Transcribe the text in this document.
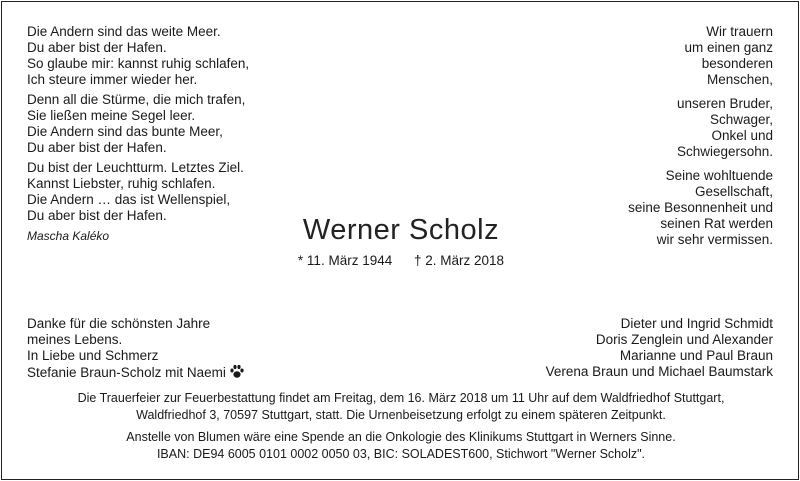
Die Andern sind das weite Meer.
Du aber bist der Hafen.
So glaube mir: kannst ruhig schlafen,
Ich steure immer wieder her.
Denn all die Stürme, die mich trafen,
Sie ließen meine Segel leer.
Die Andern sind das bunte Meer,
Du aber bist der Hafen.
Du bist der Leuchtturm. Letztes Ziel.
Kannst Liebster, ruhig schlafen.
Die Andern … das ist Wellenspiel,
Du aber bist der Hafen.
Mascha Kaléko
Wir trauern
um einen ganz
besonderen
Menschen,
unseren Bruder,
Schwager,
Onkel und
Schwiegersohn.
Seine wohltuende
Gesellschaft,
seine Besonnenheit und
seinen Rat werden
wir sehr vermissen.
Werner Scholz
* 11. März 1944 † 2. März 2018
Danke für die schönsten Jahre
meines Lebens.
In Liebe und Schmerz
Stefanie Braun-Scholz mit Naemi
Dieter und Ingrid Schmidt
Doris Zenglein und Alexander
Marianne und Paul Braun
Verena Braun und Michael Baumstark
Die Trauerfeier zur Feuerbestattung findet am Freitag, dem 16. März 2018 um 11 Uhr auf dem Waldfriedhof Stuttgart,
Waldfriedhof 3, 70597 Stuttgart, statt. Die Urnenbeisetzung erfolgt zu einem späteren Zeitpunkt.
Anstelle von Blumen wäre eine Spende an die Onkologie des Klinikums Stuttgart in Werners Sinne.
IBAN: DE94 6005 0101 0002 0050 03, BIC: SOLADEST600, Stichwort "Werner Scholz".
